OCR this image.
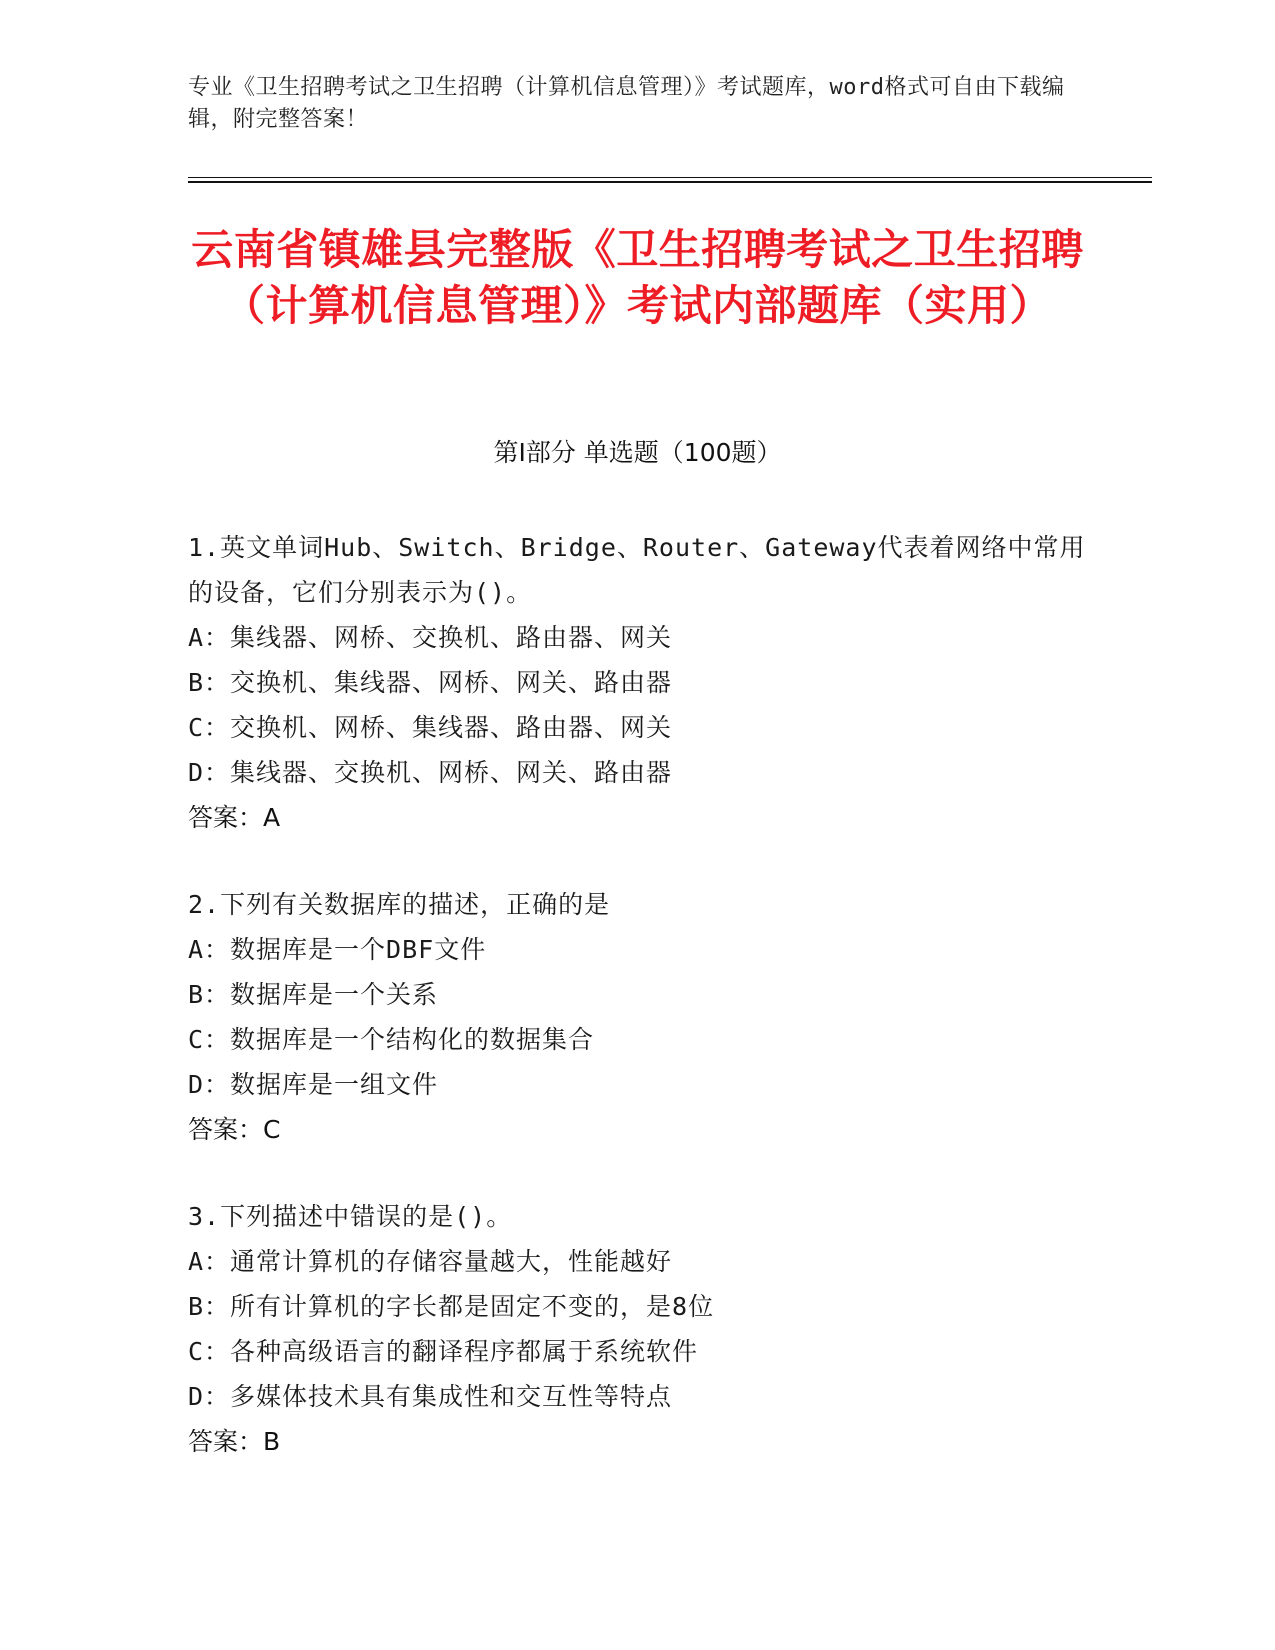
专业《卫生招聘考试之卫生招聘（计算机信息管理）》考试题库，word格式可自由下载编辑，附完整答案！
云南省镇雄县完整版《卫生招聘考试之卫生招聘（计算机信息管理）》考试内部题库（实用）
第Ⅰ部分 单选题（100题）
1.英文单词Hub、Switch、Bridge、Router、Gateway代表着网络中常用的设备，它们分别表示为()。
A：集线器、网桥、交换机、路由器、网关
B：交换机、集线器、网桥、网关、路由器
C：交换机、网桥、集线器、路由器、网关
D：集线器、交换机、网桥、网关、路由器
答案：A
2.下列有关数据库的描述，正确的是
A：数据库是一个DBF文件
B：数据库是一个关系
C：数据库是一个结构化的数据集合
D：数据库是一组文件
答案：C
3.下列描述中错误的是()。
A：通常计算机的存储容量越大，性能越好
B：所有计算机的字长都是固定不变的，是8位
C：各种高级语言的翻译程序都属于系统软件
D：多媒体技术具有集成性和交互性等特点
答案：B
